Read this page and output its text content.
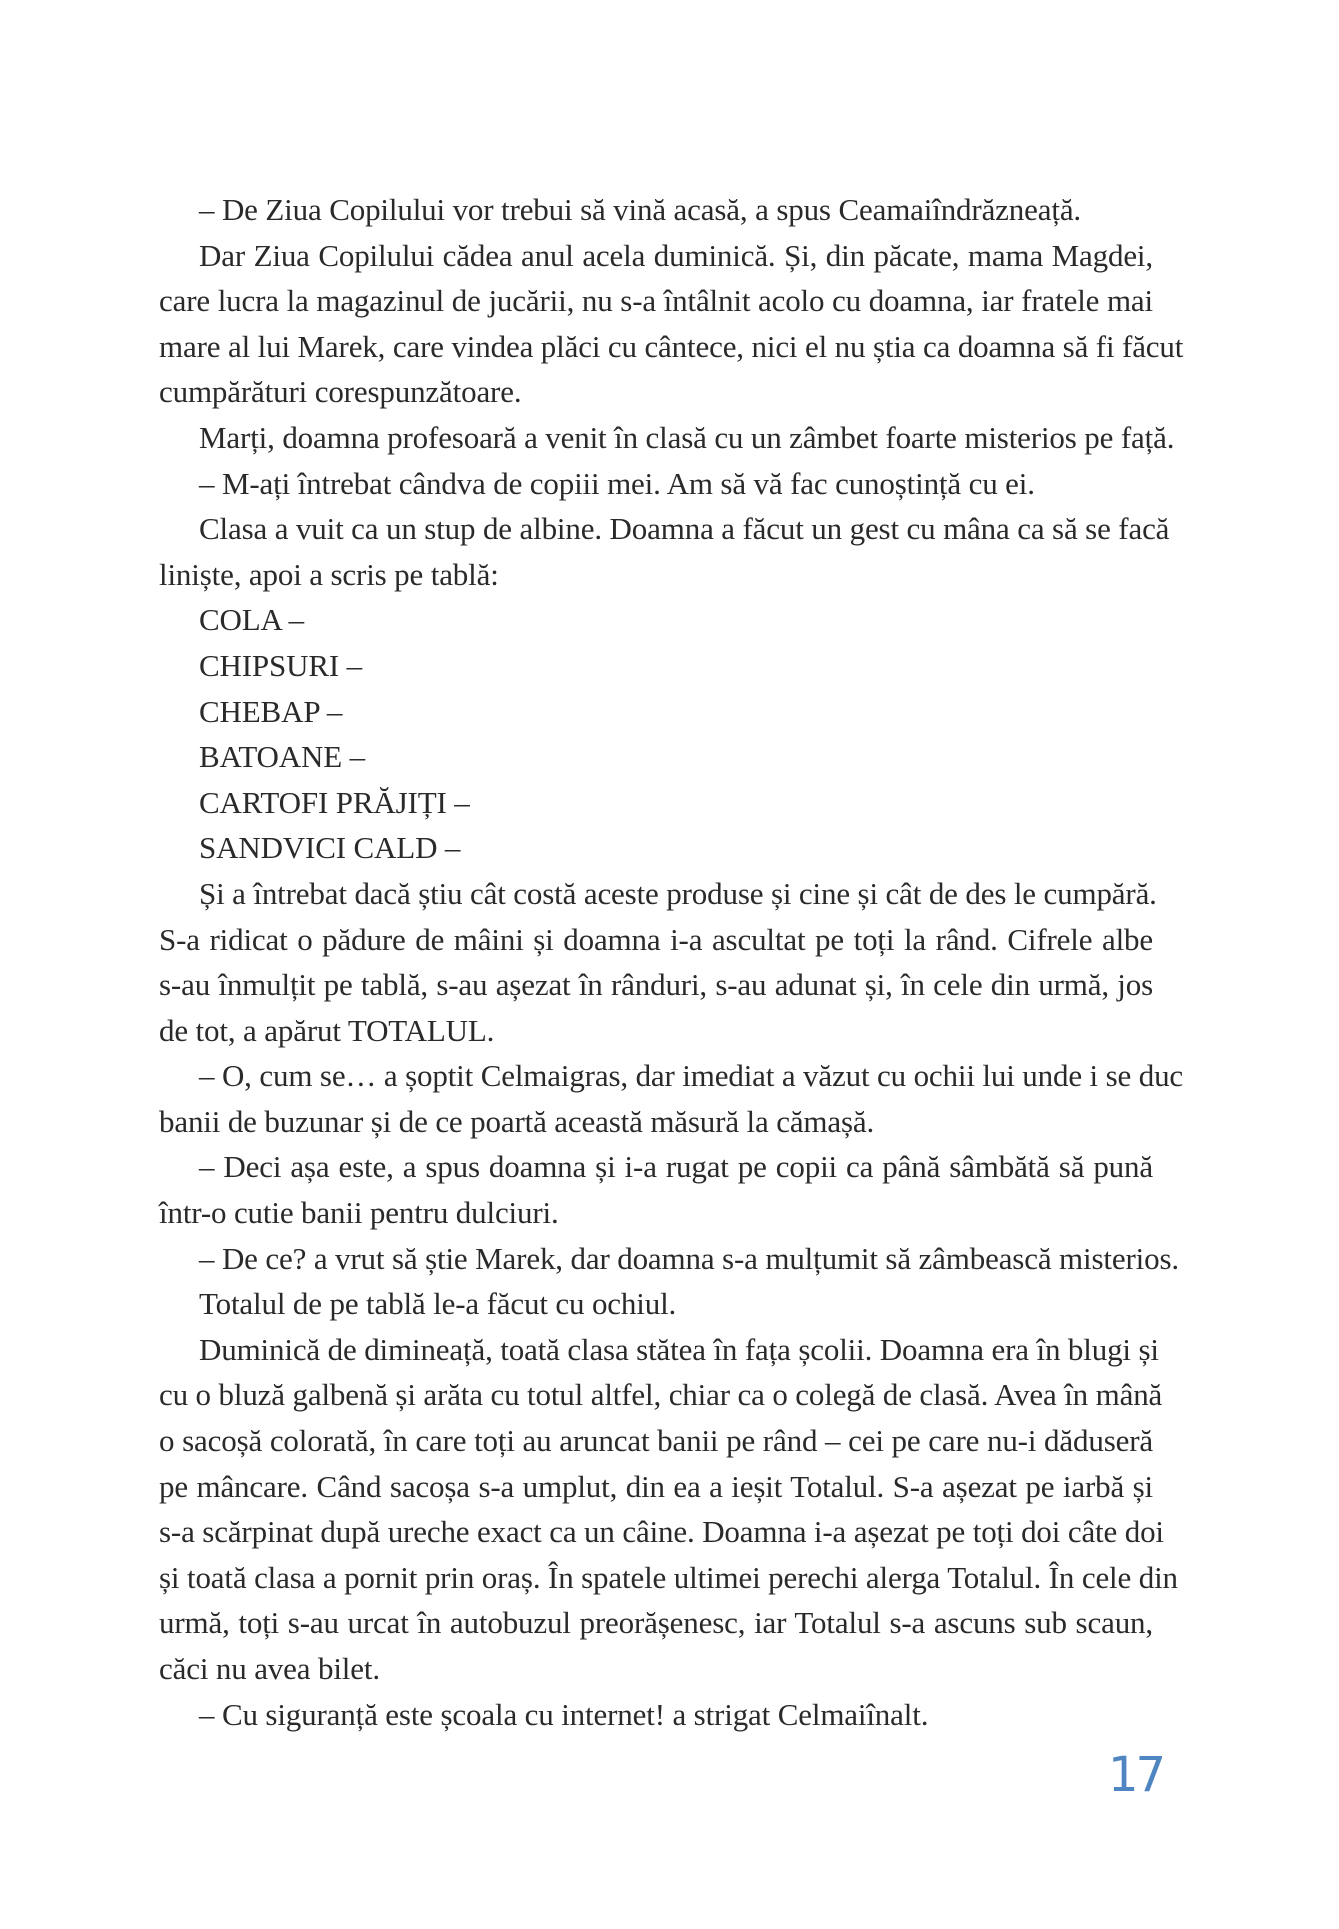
– De Ziua Copilului vor trebui să vină acasă, a spus Ceamaiîndrăzneață.
Dar Ziua Copilului cădea anul acela duminică. Și, din păcate, mama Magdei,
care lucra la magazinul de jucării, nu s-a întâlnit acolo cu doamna, iar fratele mai
mare al lui Marek, care vindea plăci cu cântece, nici el nu știa ca doamna să fi făcut
cumpărături corespunzătoare.
Marți, doamna profesoară a venit în clasă cu un zâmbet foarte misterios pe față.
– M-ați întrebat cândva de copiii mei. Am să vă fac cunoștință cu ei.
Clasa a vuit ca un stup de albine. Doamna a făcut un gest cu mâna ca să se facă
liniște, apoi a scris pe tablă:
COLA –
CHIPSURI –
CHEBAP –
BATOANE –
CARTOFI PRĂJIȚI –
SANDVICI CALD –
Și a întrebat dacă știu cât costă aceste produse și cine și cât de des le cumpără.
S-a ridicat o pădure de mâini și doamna i-a ascultat pe toți la rând. Cifrele albe
s-au înmulțit pe tablă, s-au așezat în rânduri, s-au adunat și, în cele din urmă, jos
de tot, a apărut TOTALUL.
– O, cum se… a șoptit Celmaigras, dar imediat a văzut cu ochii lui unde i se duc
banii de buzunar și de ce poartă această măsură la cămașă.
– Deci așa este, a spus doamna și i-a rugat pe copii ca până sâmbătă să pună
într-o cutie banii pentru dulciuri.
– De ce? a vrut să știe Marek, dar doamna s-a mulțumit să zâmbească misterios.
Totalul de pe tablă le-a făcut cu ochiul.
Duminică de dimineață, toată clasa stătea în fața școlii. Doamna era în blugi și
cu o bluză galbenă și arăta cu totul altfel, chiar ca o colegă de clasă. Avea în mână
o sacoșă colorată, în care toți au aruncat banii pe rând – cei pe care nu-i dăduseră
pe mâncare. Când sacoșa s-a umplut, din ea a ieșit Totalul. S-a așezat pe iarbă și
s-a scărpinat după ureche exact ca un câine. Doamna i-a așezat pe toți doi câte doi
și toată clasa a pornit prin oraș. În spatele ultimei perechi alerga Totalul. În cele din
urmă, toți s-au urcat în autobuzul preorășenesc, iar Totalul s-a ascuns sub scaun,
căci nu avea bilet.
– Cu siguranță este școala cu internet! a strigat Celmaiînalt.
17
